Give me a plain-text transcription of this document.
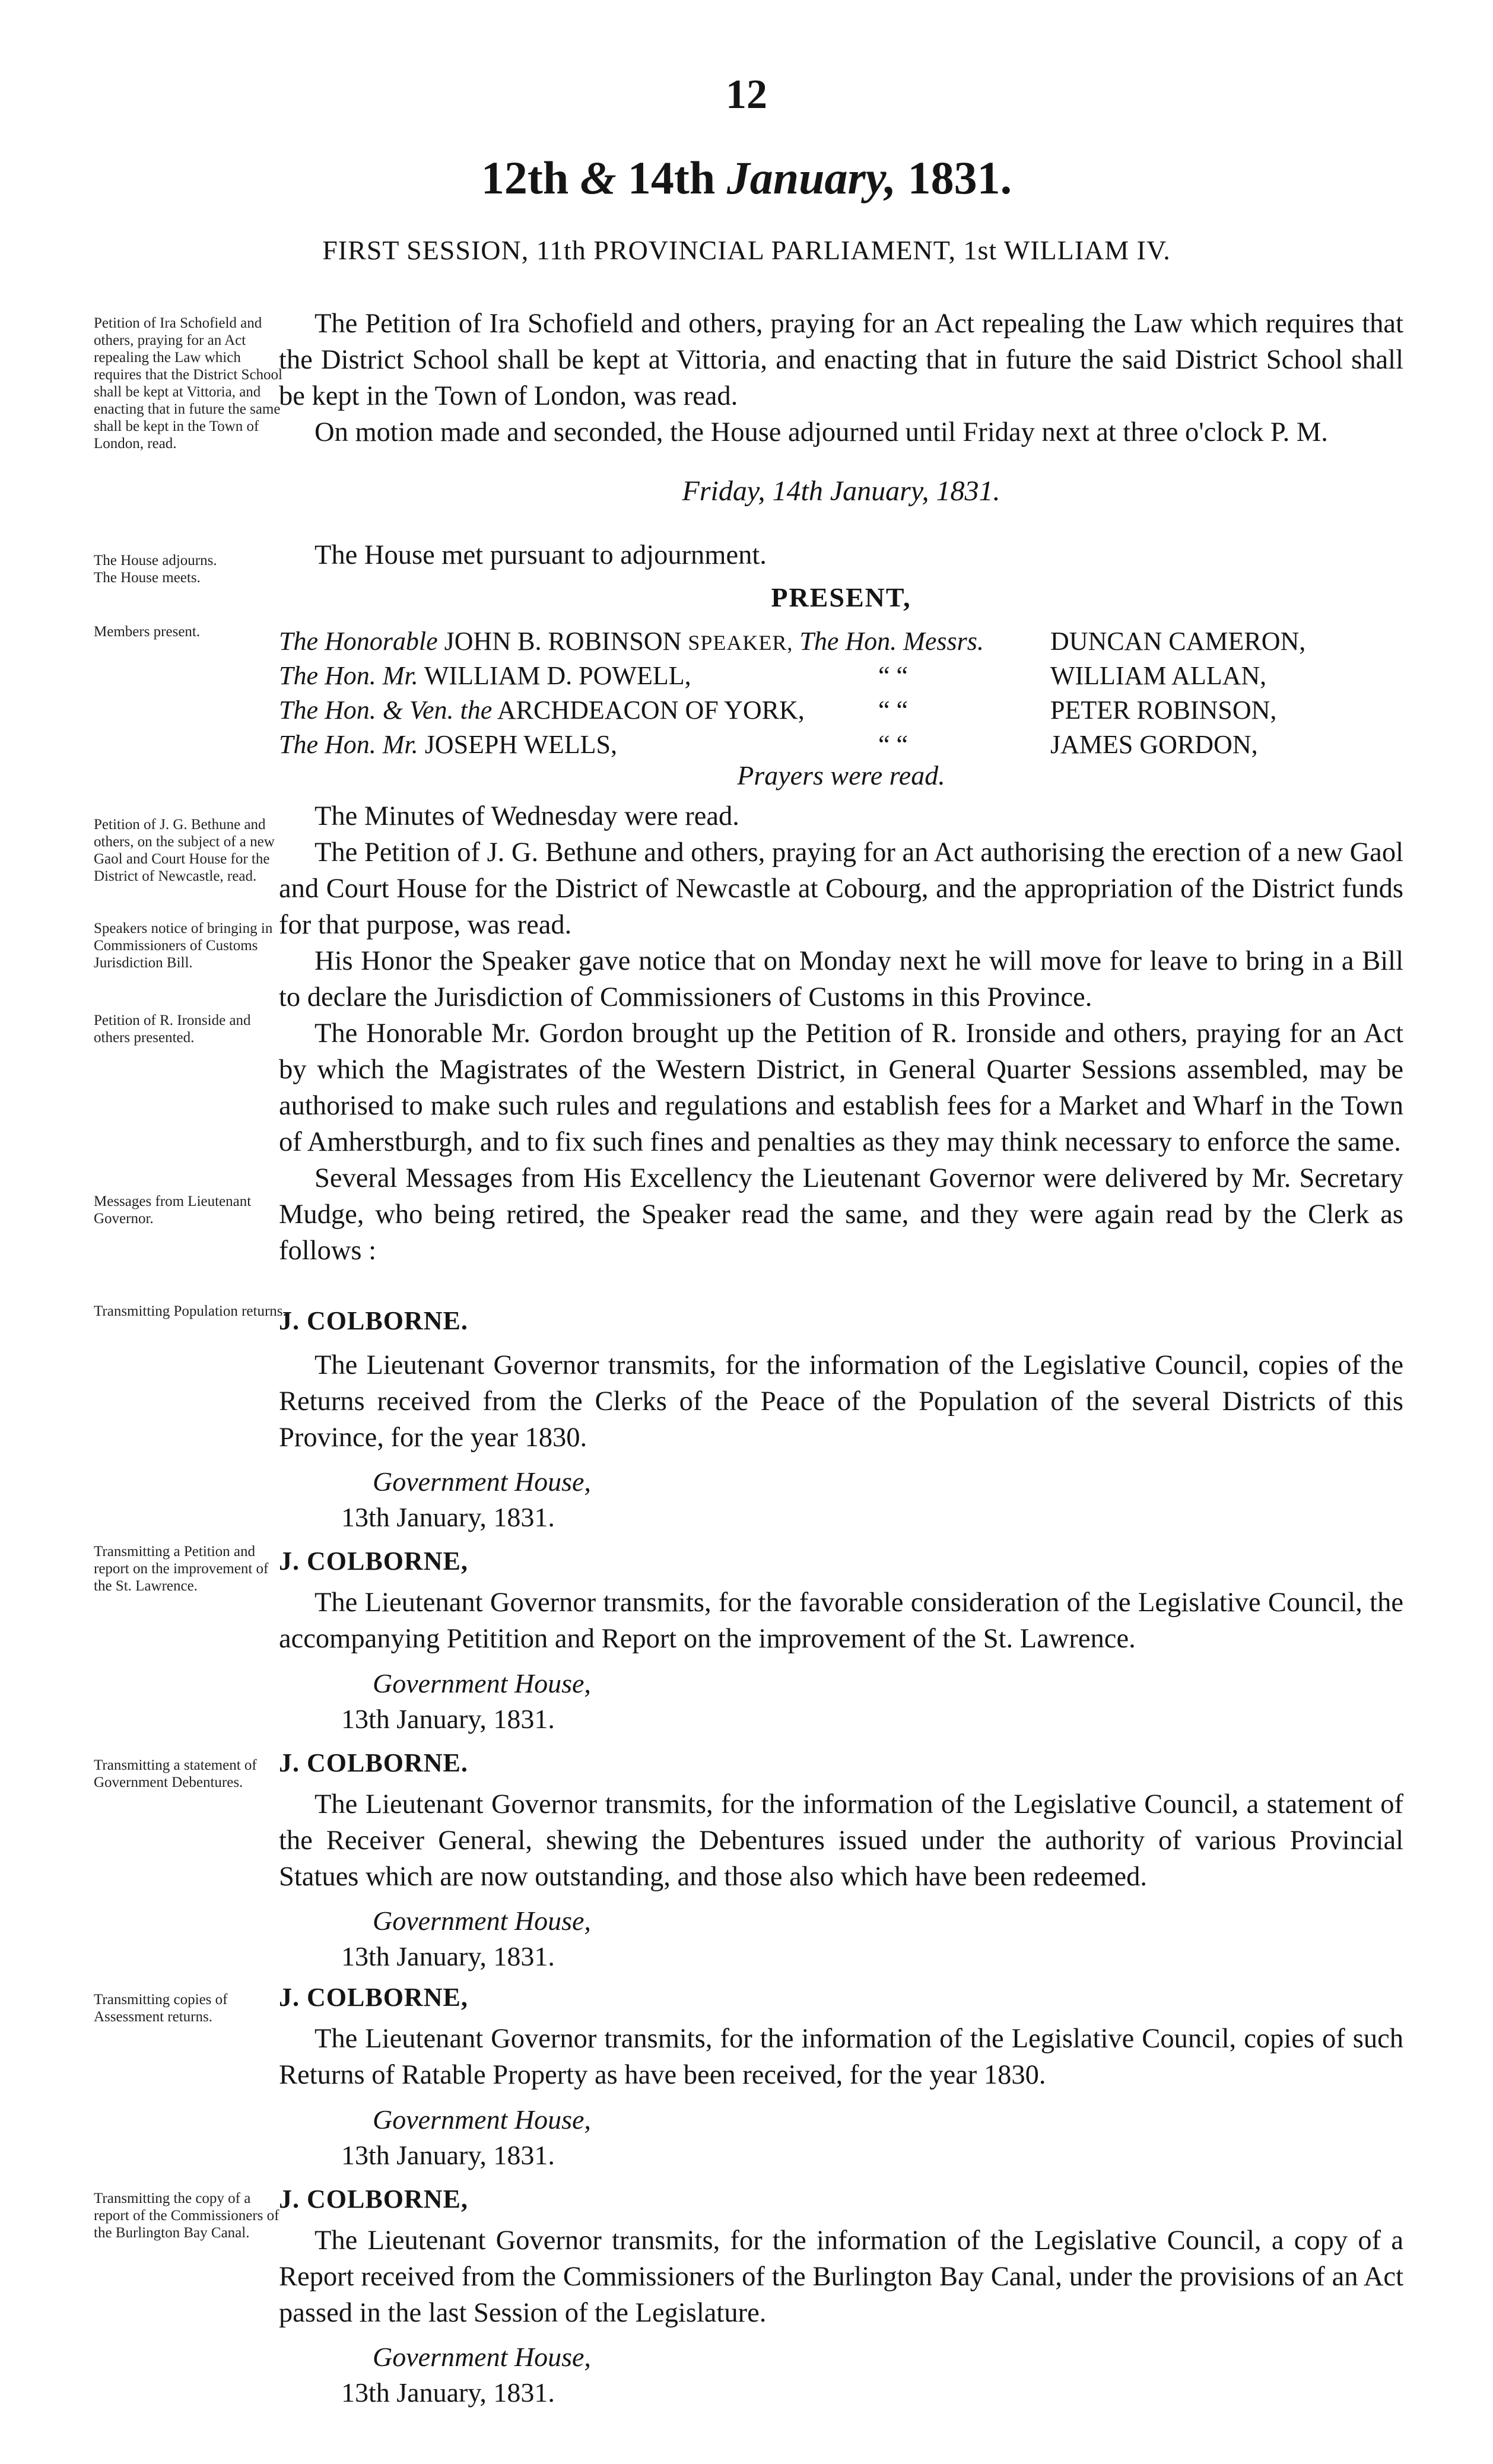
12
12th & 14th January, 1831.
FIRST SESSION, 11th PROVINCIAL PARLIAMENT, 1st WILLIAM IV.
Petition of Ira Schofield and others, praying for an Act repealing the Law which requires that the District School shall be kept at Vittoria, and enacting that in future the same shall be kept in the Town of London, read.
The House adjourns.
The House meets.
Members present.
Petition of J. G. Bethune and others, on the subject of a new Gaol and Court House for the District of Newcastle, read.
Speakers notice of bringing in Commissioners of Customs Jurisdiction Bill.
Petition of R. Ironside and others presented.
Messages from Lieutenant Governor.
Transmitting Population returns.
Transmitting a Petition and report on the improvement of the St. Lawrence.
Transmitting a statement of Government Debentures.
Transmitting copies of Assessment returns.
Transmitting the copy of a report of the Commissioners of the Burlington Bay Canal.

The Petition of Ira Schofield and others, praying for an Act repealing the Law which requires that the District School shall be kept at Vittoria, and enacting that in future the said District School shall be kept in the Town of London, was read.

On motion made and seconded, the House adjourned until Friday next at three o'clock P. M.

Friday, 14th January, 1831.

The House met pursuant to adjournment.

PRESENT,
The Honorable JOHN B. ROBINSON SPEAKER, The Hon. Messrs.	DUNCAN CAMERON,
The Hon. Mr. WILLIAM D. POWELL,	“ “	WILLIAM ALLAN,
The Hon. & Ven. the ARCHDEACON OF YORK,	“ “	PETER ROBINSON,
The Hon. Mr. JOSEPH WELLS,	“ “	JAMES GORDON,
Prayers were read.

The Minutes of Wednesday were read.

The Petition of J. G. Bethune and others, praying for an Act authorising the erection of a new Gaol and Court House for the District of Newcastle at Cobourg, and the appropriation of the District funds for that purpose, was read.

His Honor the Speaker gave notice that on Monday next he will move for leave to bring in a Bill to declare the Jurisdiction of Commissioners of Customs in this Province.

The Honorable Mr. Gordon brought up the Petition of R. Ironside and others, praying for an Act by which the Magistrates of the Western District, in General Quarter Sessions assembled, may be authorised to make such rules and regulations and establish fees for a Market and Wharf in the Town of Amherstburgh, and to fix such fines and penalties as they may think necessary to enforce the same.

Several Messages from His Excellency the Lieutenant Governor were delivered by Mr. Secretary Mudge, who being retired, the Speaker read the same, and they were again read by the Clerk as follows :

J. COLBORNE.

The Lieutenant Governor transmits, for the information of the Legislative Council, copies of the Returns received from the Clerks of the Peace of the Population of the several Districts of this Province, for the year 1830.

Government House,
13th January, 1831.
J. COLBORNE,

The Lieutenant Governor transmits, for the favorable consideration of the Legislative Council, the accompanying Petitition and Report on the improvement of the St. Lawrence.

Government House,
13th January, 1831.
J. COLBORNE.

The Lieutenant Governor transmits, for the information of the Legislative Council, a statement of the Receiver General, shewing the Debentures issued under the authority of various Provincial Statues which are now outstanding, and those also which have been redeemed.

Government House,
13th January, 1831.
J. COLBORNE,

The Lieutenant Governor transmits, for the information of the Legislative Council, copies of such Returns of Ratable Property as have been received, for the year 1830.

Government House,
13th January, 1831.
J. COLBORNE,

The Lieutenant Governor transmits, for the information of the Legislative Council, a copy of a Report received from the Commissioners of the Burlington Bay Canal, under the provisions of an Act passed in the last Session of the Legislature.

Government House,
13th January, 1831.
